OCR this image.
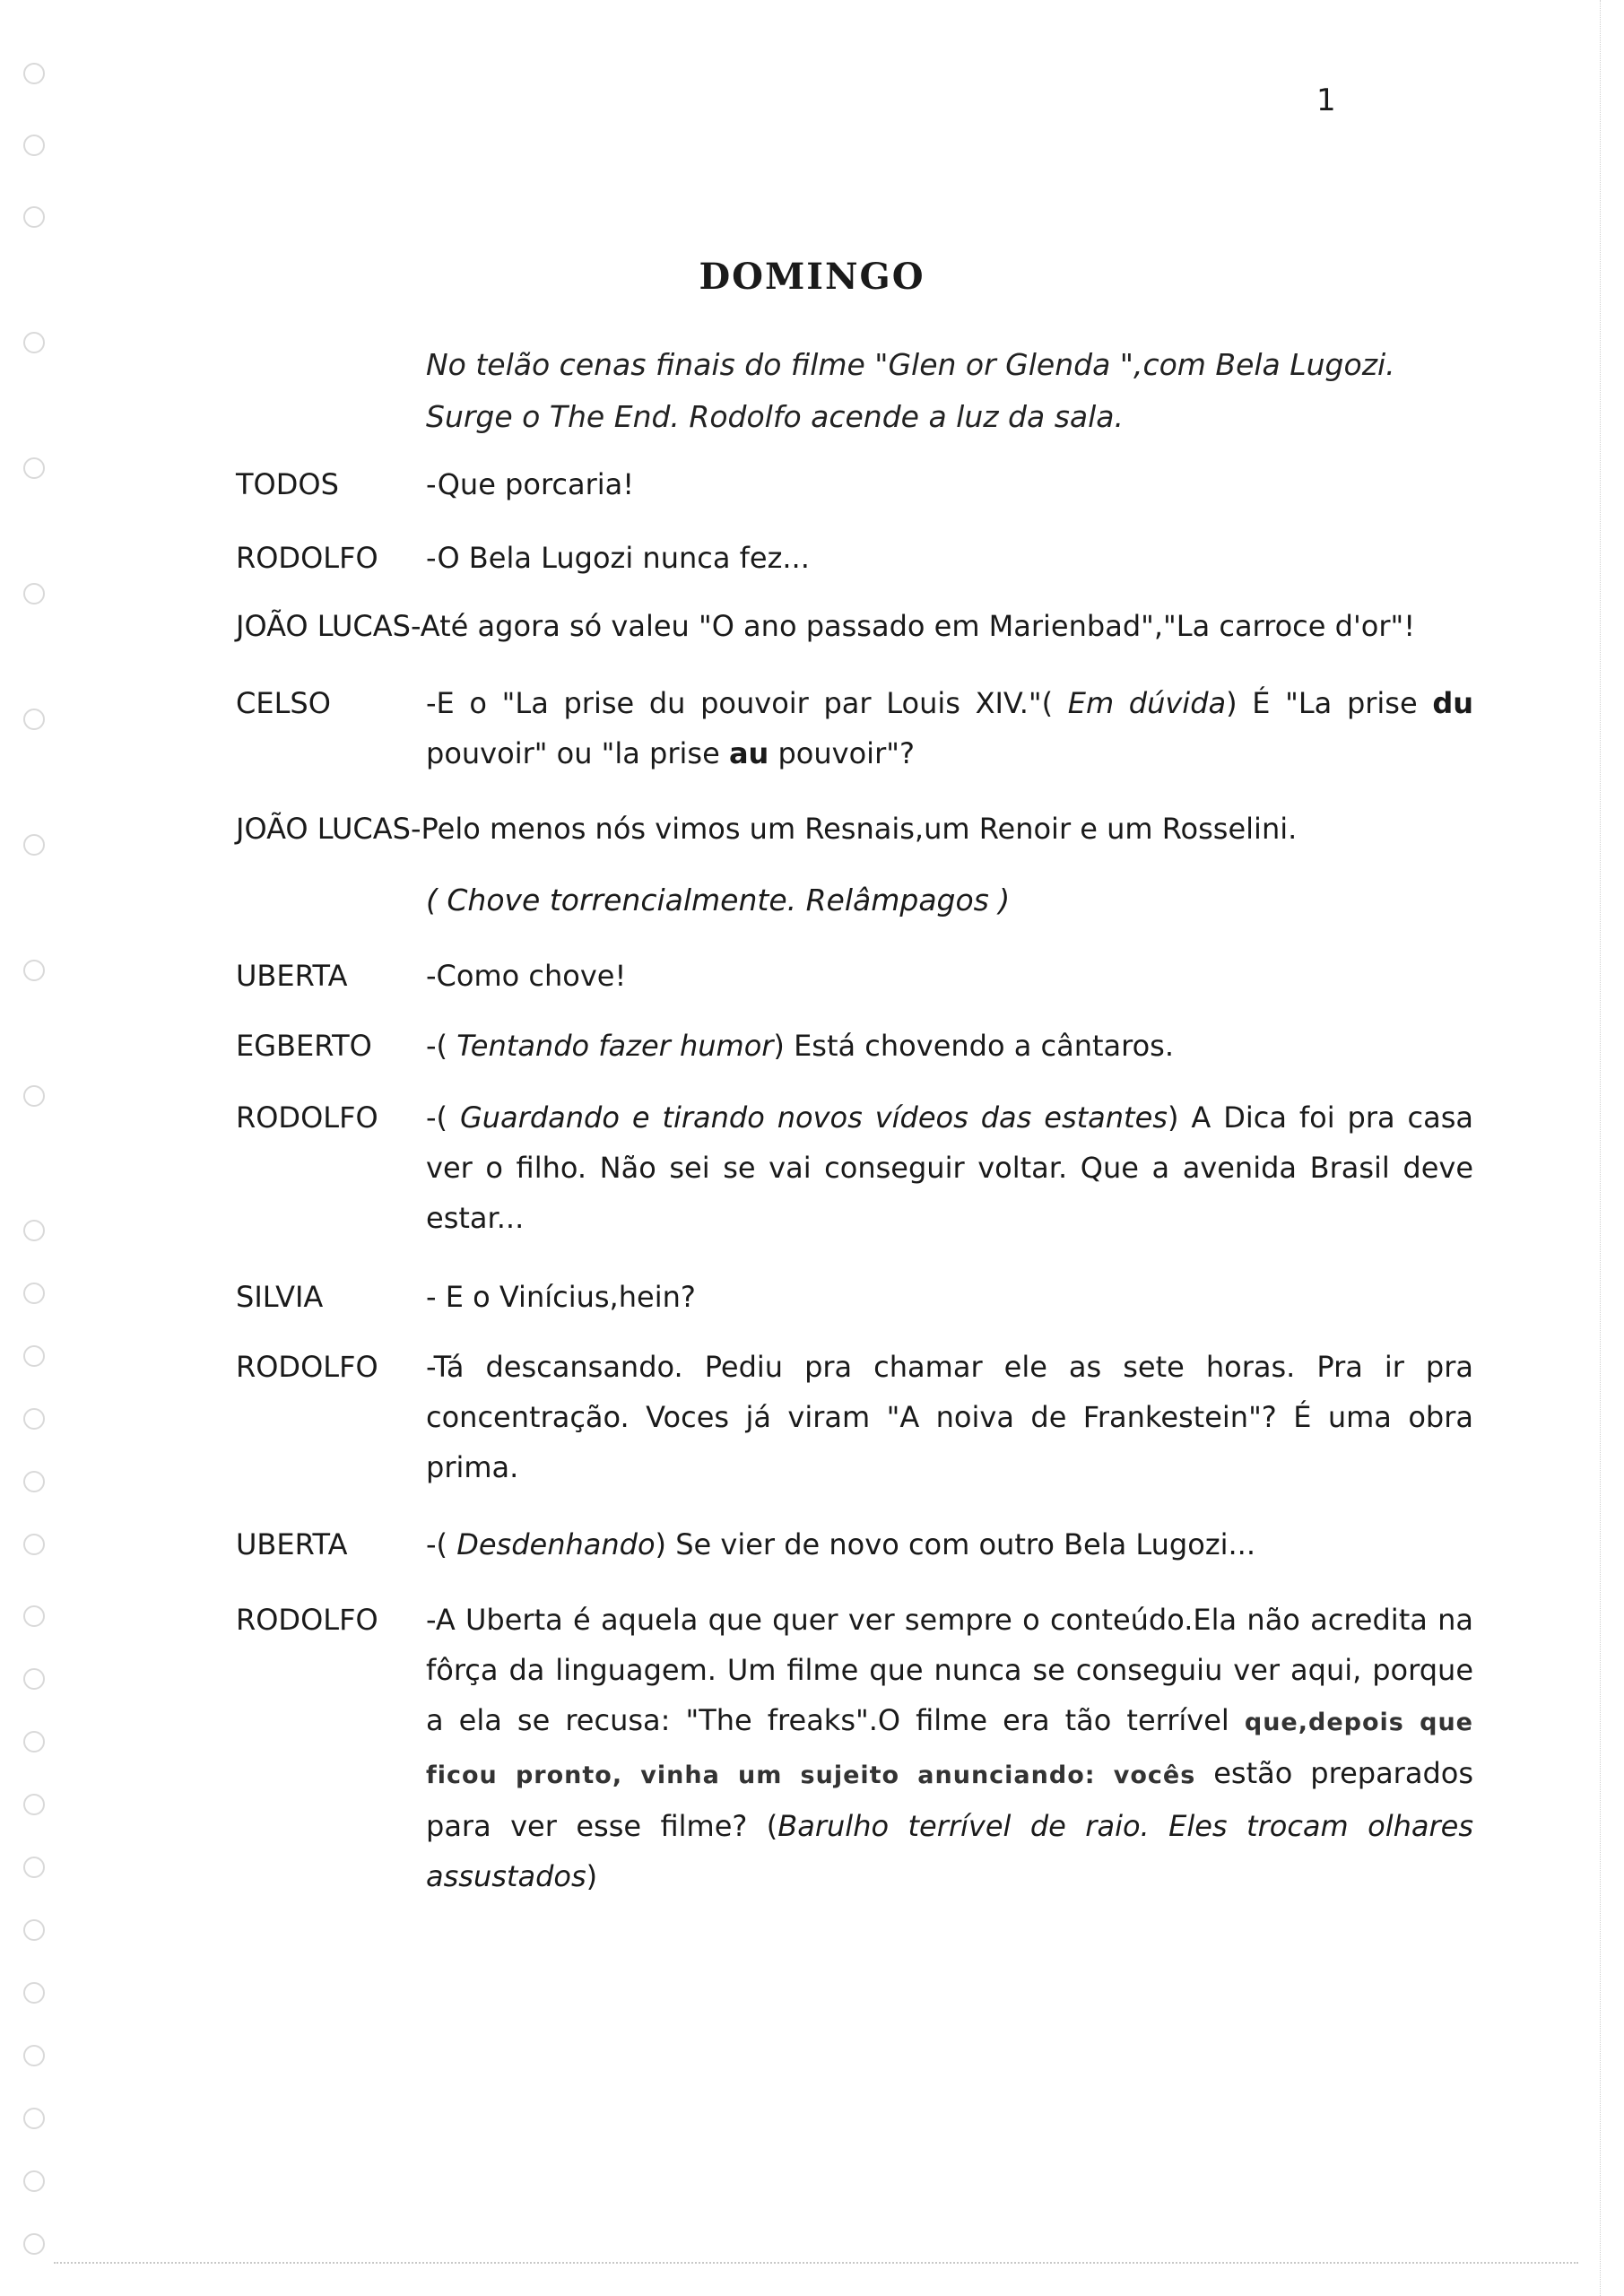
1
DOMINGO
No telão cenas finais do filme "Glen or Glenda ",com Bela Lugozi. Surge o The End. Rodolfo acende a luz da sala.
TODOS	-Que porcaria!
RODOLFO -O Bela Lugozi nunca fez...
JOÃO LUCAS-Até agora só valeu "O ano passado em Marienbad","La carroce d'or"!
CELSO	-E o "La prise du pouvoir par Louis XIV."( Em dúvida) É "La prise du pouvoir" ou "la prise au pouvoir"?
JOÃO LUCAS-Pelo menos nós vimos um Resnais,um Renoir e um Rosselini.
( Chove torrencialmente. Relâmpagos )
UBERTA	-Como chove!
EGBERTO -( Tentando fazer humor) Está chovendo a cântaros.
RODOLFO -( Guardando e tirando novos vídeos das estantes) A Dica foi pra casa ver o filho. Não sei se vai conseguir voltar. Que a avenida Brasil deve estar...
SILVIA	- E o Vinícius,hein?
RODOLFO -Tá descansando. Pediu pra chamar ele as sete horas. Pra ir pra concentração. Voces já viram "A noiva de Frankestein"? É uma obra prima.
UBERTA	-( Desdenhando) Se vier de novo com outro Bela Lugozi...
RODOLFO -A Uberta é aquela que quer ver sempre o conteúdo.Ela não acredita na fôrça da linguagem. Um filme que nunca se conseguiu ver aqui, porque a ela se recusa: "The freaks".O filme era tão terrível que,depois que ficou pronto, vinha um sujeito anunciando: vocês estão preparados para ver esse filme? (Barulho terrível de raio. Eles trocam olhares assustados)
